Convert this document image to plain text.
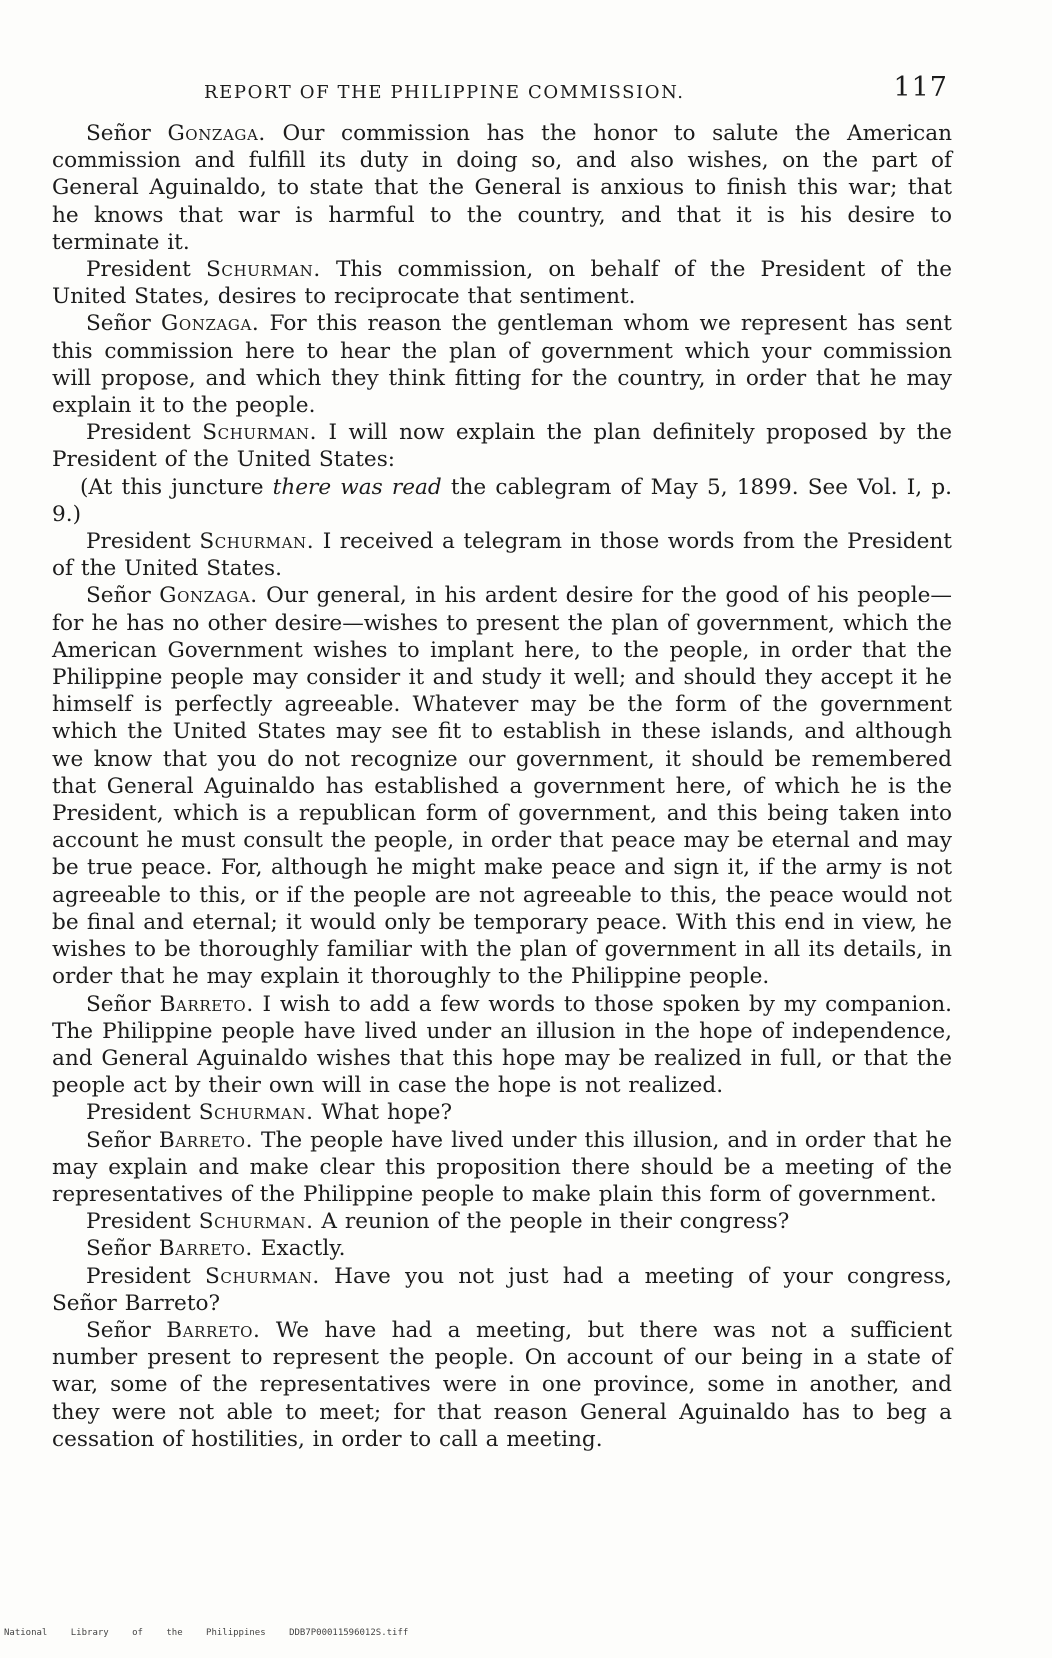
REPORT OF THE PHILIPPINE COMMISSION.	117

Señor Gonzaga. Our commission has the honor to salute the American commission and fulfill its duty in doing so, and also wishes, on the part of General Aguinaldo, to state that the General is anxious to finish this war; that he knows that war is harmful to the country, and that it is his desire to terminate it.

President Schurman. This commission, on behalf of the President of the United States, desires to reciprocate that sentiment.

Señor Gonzaga. For this reason the gentleman whom we represent has sent this commission here to hear the plan of government which your commission will propose, and which they think fitting for the country, in order that he may explain it to the people.

President Schurman. I will now explain the plan definitely proposed by the President of the United States:

(At this juncture there was read the cablegram of May 5, 1899. See Vol. I, p. 9.)

President Schurman. I received a telegram in those words from the President of the United States.

Señor Gonzaga. Our general, in his ardent desire for the good of his people—for he has no other desire—wishes to present the plan of government, which the American Government wishes to implant here, to the people, in order that the Philippine people may consider it and study it well; and should they accept it he himself is perfectly agreeable. Whatever may be the form of the government which the United States may see fit to establish in these islands, and although we know that you do not recognize our government, it should be remembered that General Aguinaldo has established a government here, of which he is the President, which is a republican form of government, and this being taken into account he must consult the people, in order that peace may be eternal and may be true peace. For, although he might make peace and sign it, if the army is not agreeable to this, or if the people are not agreeable to this, the peace would not be final and eternal; it would only be temporary peace. With this end in view, he wishes to be thoroughly familiar with the plan of government in all its details, in order that he may explain it thoroughly to the Philippine people.

Señor Barreto. I wish to add a few words to those spoken by my companion. The Philippine people have lived under an illusion in the hope of independence, and General Aguinaldo wishes that this hope may be realized in full, or that the people act by their own will in case the hope is not realized.

President Schurman. What hope?

Señor Barreto. The people have lived under this illusion, and in order that he may explain and make clear this proposition there should be a meeting of the representatives of the Philippine people to make plain this form of government.

President Schurman. A reunion of the people in their congress?

Señor Barreto. Exactly.

President Schurman. Have you not just had a meeting of your congress, Señor Barreto?

Señor Barreto. We have had a meeting, but there was not a sufficient number present to represent the people. On account of our being in a state of war, some of the representatives were in one province, some in another, and they were not able to meet; for that reason General Aguinaldo has to beg a cessation of hostilities, in order to call a meeting.

National Library of the Philippines	DDB7P00011596012S.tiff
